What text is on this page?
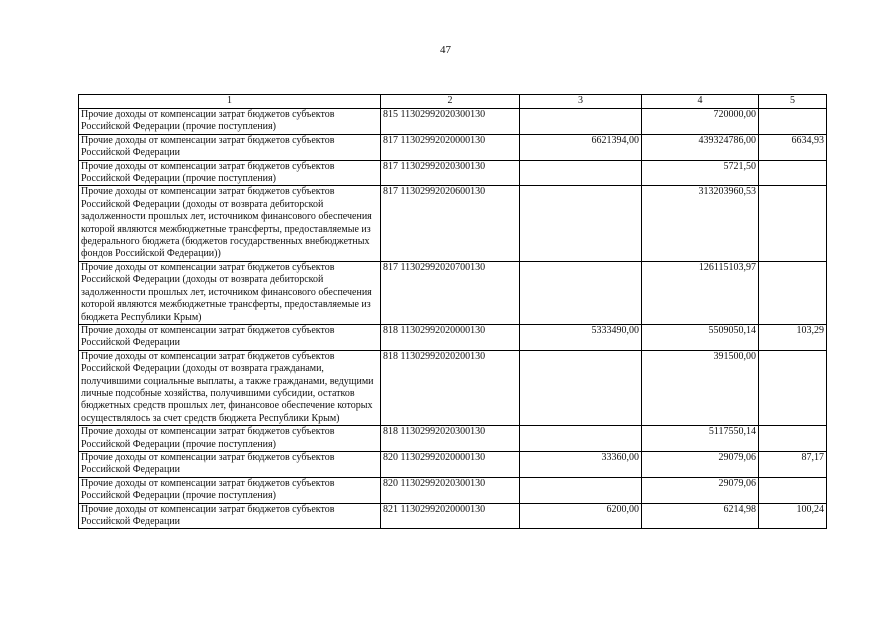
47
1	2	3	4	5
Прочие доходы от компенсации затрат бюджетов субъектов Российской Федерации (прочие поступления)	815 11302992020300130		720000,00	
Прочие доходы от компенсации затрат бюджетов субъектов Российской Федерации	817 11302992020000130	6621394,00	439324786,00	6634,93
Прочие доходы от компенсации затрат бюджетов субъектов Российской Федерации (прочие поступления)	817 11302992020300130		5721,50	
Прочие доходы от компенсации затрат бюджетов субъектов Российской Федерации (доходы от возврата дебиторской задолженности прошлых лет, источником финансового обеспечения которой являются межбюджетные трансферты, предоставляемые из федерального бюджета (бюджетов государственных внебюджетных фондов Российской Федерации))	817 11302992020600130		313203960,53	
Прочие доходы от компенсации затрат бюджетов субъектов Российской Федерации (доходы от возврата дебиторской задолженности прошлых лет, источником финансового обеспечения которой являются межбюджетные трансферты, предоставляемые из бюджета Республики Крым)	817 11302992020700130		126115103,97	
Прочие доходы от компенсации затрат бюджетов субъектов Российской Федерации	818 11302992020000130	5333490,00	5509050,14	103,29
Прочие доходы от компенсации затрат бюджетов субъектов Российской Федерации (доходы от возврата гражданами, получившими социальные выплаты, а также гражданами, ведущими личные подсобные хозяйства, получившими субсидии, остатков бюджетных средств прошлых лет, финансовое обеспечение которых осуществлялось за счет средств бюджета Республики Крым)	818 11302992020200130		391500,00	
Прочие доходы от компенсации затрат бюджетов субъектов Российской Федерации (прочие поступления)	818 11302992020300130		5117550,14	
Прочие доходы от компенсации затрат бюджетов субъектов Российской Федерации	820 11302992020000130	33360,00	29079,06	87,17
Прочие доходы от компенсации затрат бюджетов субъектов Российской Федерации (прочие поступления)	820 11302992020300130		29079,06	
Прочие доходы от компенсации затрат бюджетов субъектов Российской Федерации	821 11302992020000130	6200,00	6214,98	100,24
